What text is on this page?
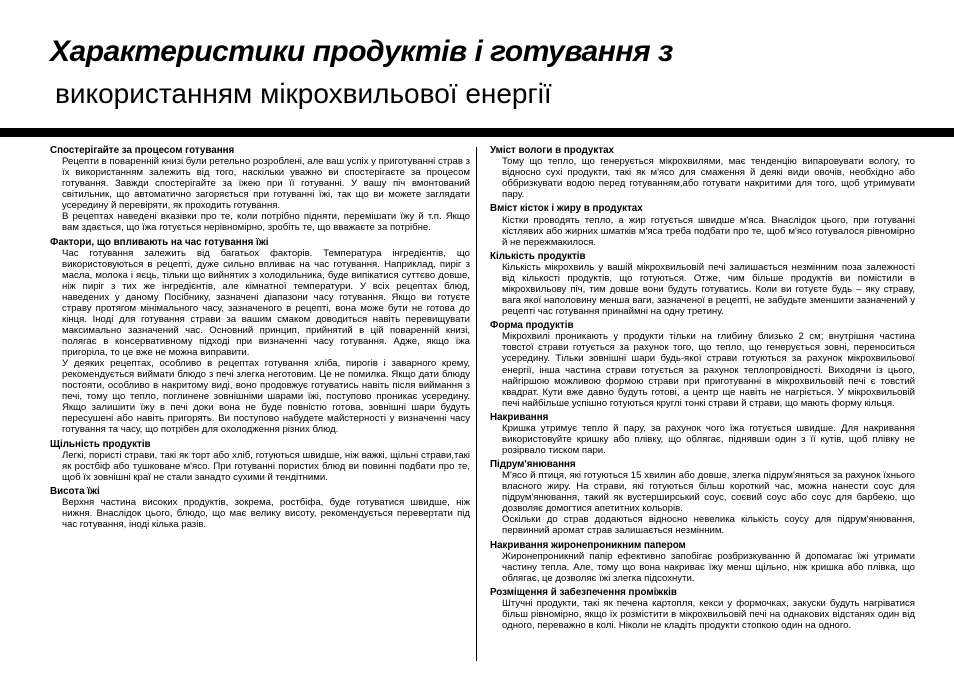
Характеристики продуктів і готування з
використанням мікрохвильової енергії
Спостерігайте за процесом готування

Рецепти в поваренній книзі були ретельно розроблені, але ваш успіх у приготуванні страв з їх використанням залежить від того, наскільки уважно ви спостерігаєте за процесом готування. Завжди спостерігайте за їжею при її готуванні. У вашу піч вмонтований світильник, що автоматично загоряється при готуванні їжі, так що ви можете заглядати усередину й перевіряти, як проходить готування.

В рецептах наведені вказівки про те, коли потрібно підняти, перемішати їжу й т.п. Якщо вам здається, що їжа готується нерівномірно, зробіть те, що вважаєте за потрібне.

Фактори, що впливають на час готування їжі

Час готування залежить від багатьох факторів. Температура інгредієнтів, що використовуються в рецепті, дуже сильно впливає на час готування. Наприклад, пиріг з масла, молока і яєць, тільки що вийнятих з холодильника, буде випікатися суттєво довше, ніж пиріг з тих же інгредієнтів, але кімнатної температури. У всіх рецептах блюд, наведених у даному Посібнику, зазначені діапазони часу готування. Якщо ви готуєте страву протягом мінімального часу, зазначеного в рецепті, вона може бути не готова до кінця. Іноді для готування страви за вашим смаком доводиться навіть перевищувати максимально зазначений час. Основний принцип, прийнятий в цій поваренній книзі, полягає в консервативному підході при визначенні часу готування. Адже, якщо їжа пригоріла, то це вже не можна виправити.

У деяких рецептах, особливо в рецептах готування хліба, пирогів і заварного крему, рекомендується виймати блюдо з печі злегка неготовим. Це не помилка. Якщо дати блюду постояти, особливо в накритому виді, воно продовжує готуватись навіть після виймання з печі, тому що тепло, поглинене зовнішніми шарами їжі, поступово проникає усередину. Якщо залишити їжу в печі доки вона не буде повністю готова, зовнішні шари будуть пересушені або навіть пригорять. Ви поступово набудете майстерності у визначенні часу готування та часу, що потрібен для охолодження різних блюд.

Щільність продуктів

Легкі, пористі страви, такі як торт або хліб, готуються швидше, ніж важкі, щільні страви,такі як ростбіф або тушковане м'ясо. При готуванні пористих блюд ви повинні подбати про те, щоб їх зовнішні краї не стали занадто сухими й тендітними.

Висота їжі

Верхня частина високих продуктів, зокрема, ростбіфа, буде готуватися швидше, ніж нижня. Внаслідок цього, блюдо, що має велику висоту, рекомендується перевертати під час готування, іноді кілька разів.

Уміст вологи в продуктах

Тому що тепло, що генерується мікрохвилями, має тенденцію випаровувати вологу, то відносно сухі продукти, такі як м'ясо для смаження й деякі види овочів, необхідно або оббризкувати водою перед готуванням,або готувати накритими для того, щоб утримувати пару.

Вміст кісток і жиру в продуктах

Кістки проводять тепло, а жир готується швидше м'яса. Внаслідок цього, при готуванні кістлявих або жирних шматків м'яса треба подбати про те, щоб м'ясо готувалося рівномірно й не пережмакилося.

Кількість продуктів

Кількість мікрохвиль у вашій мікрохвильовій печі залишається незмінним поза залежності від кількості продуктів, що готуються. Отже, чим більше продуктів ви помістили в мікрохвильову піч, тим довше вони будуть готуватись. Коли ви готуєте будь – яку страву, вага якої наполовину менша ваги, зазначеної в рецепті, не забудьте зменшити зазначений у рецепті час готування принаймні на одну третину.

Форма продуктів

Мікрохвилі проникають у продукти тільки на глибину близько 2 см; внутрішня частина товстої страви готується за рахунок того, що тепло, що генерується зовні, переноситься усередину. Тільки зовнішні шари будь-якої страви готуються за рахунок мікрохвильової енергії, інша частина страви готується за рахунок теплопровідності. Виходячи із цього, найгіршою можливою формою страви при приготуванні в мікрохвильовій печі є товстий квадрат. Кути вже давно будуть готові, а центр ще навіть не нагріється. У мікрохвильовій печі найбільше успішно готуються круглі тонкі страви й страви, що мають форму кільця.

Накривання

Кришка утримує тепло й пару, за рахунок чого їжа готується швидше. Для накривання використовуйте кришку або плівку, що облягає, піднявши один з її кутів, щоб плівку не розірвало тиском пари.

Підрум'янювання

М'ясо й птиця, які готуються 15 хвилин або довше, злегка підрум'яняться за рахунок їхнього власного жиру. На страви, які готуються більш короткий час, можна нанести соус для підрум'янювання, такий як вустерширський соус, соєвий соус або соус для барбекю, що дозволяє домогтися апетитних кольорів.

Оскільки до страв додаються відносно невелика кількість соусу для підрум'янювання, первинний аромат страв залишається незмінним.

Накривання жиронепроникним папером

Жиронепроникний папір ефективно запобігає розбризкуванню й допомагає їжі утримати частину тепла. Але, тому що вона накриває їжу менш щільно, ніж кришка або плівка, що облягає, це дозволяє їжі злегка підсохнути.

Розміщення й забезпечення проміжків

Штучні продукти, такі як печена картопля, кекси у формочках, закуски будуть нагріватися більш рівномірно, якщо їх розмістити в мікрохвильовій печі на однакових відстанях один від одного, переважно в колі. Ніколи не кладіть продукти стопкою один на одного.
